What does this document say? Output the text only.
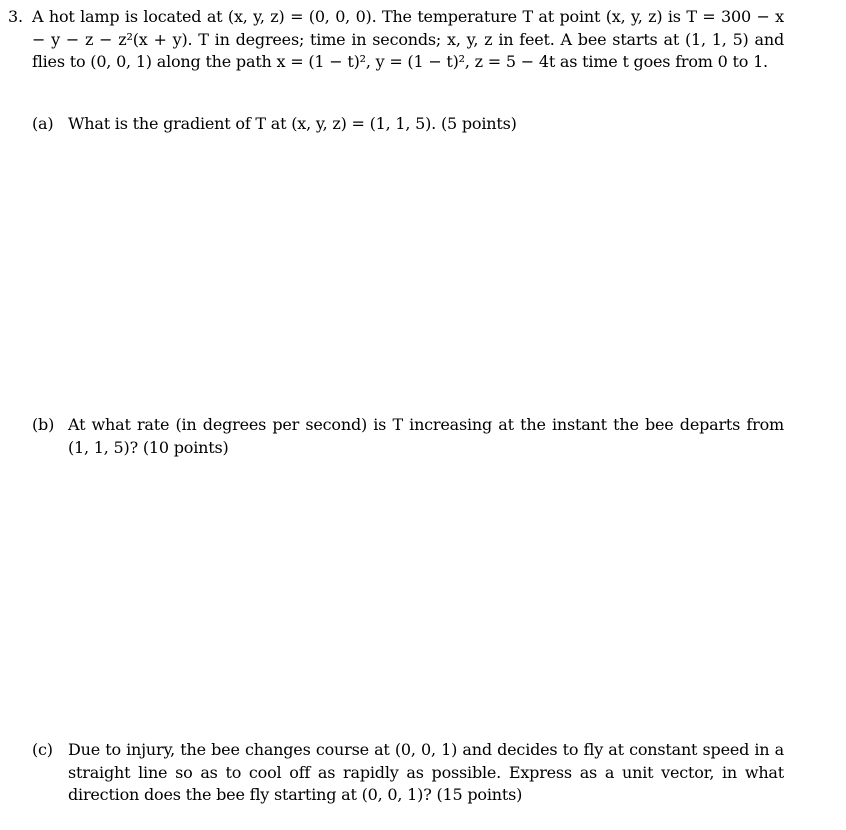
3. A hot lamp is located at (x, y, z) = (0, 0, 0). The temperature T at point (x, y, z) is T = 300 − x − y − z − z²(x + y). T in degrees; time in seconds; x, y, z in feet. A bee starts at (1, 1, 5) and flies to (0, 0, 1) along the path x = (1 − t)², y = (1 − t)², z = 5 − 4t as time t goes from 0 to 1.

(a) What is the gradient of T at (x, y, z) = (1, 1, 5). (5 points)

(b) At what rate (in degrees per second) is T increasing at the instant the bee departs from (1, 1, 5)? (10 points)

(c) Due to injury, the bee changes course at (0, 0, 1) and decides to fly at constant speed in a straight line so as to cool off as rapidly as possible. Express as a unit vector, in what direction does the bee fly starting at (0, 0, 1)? (15 points)
